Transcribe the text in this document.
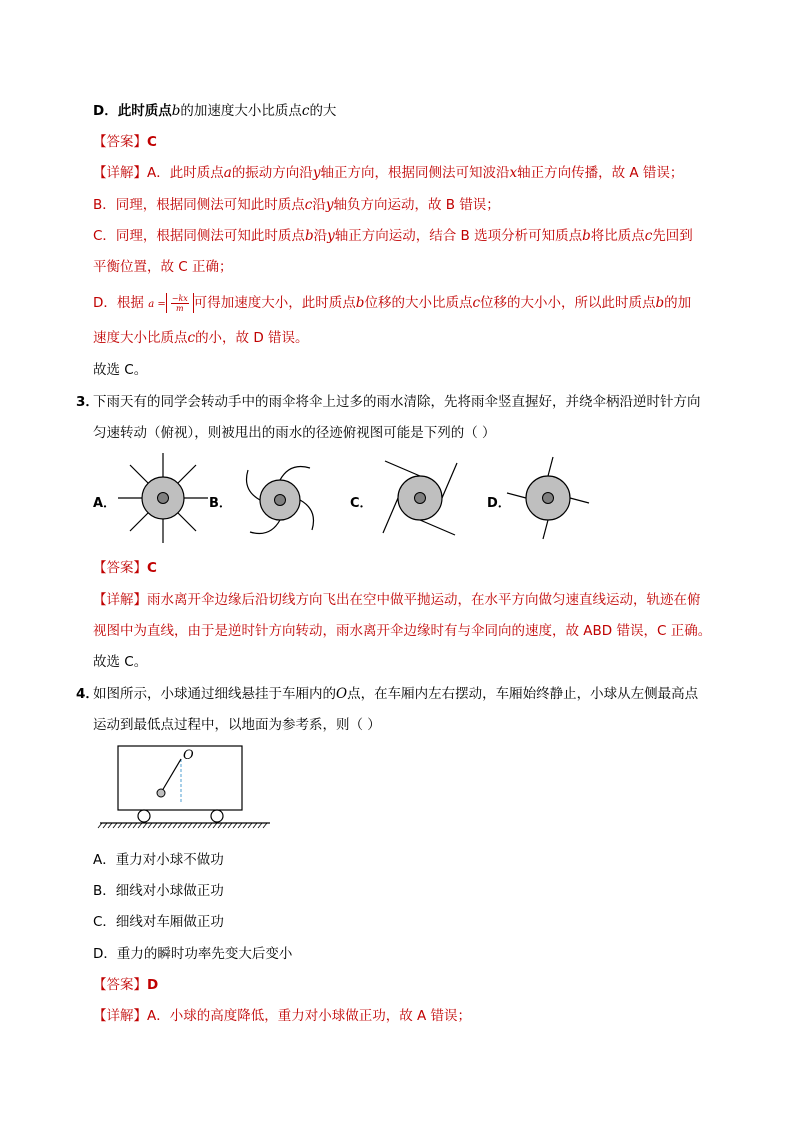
D．此时质点b的加速度大小比质点c的大
【答案】C
【详解】A．此时质点a的振动方向沿y轴正方向，根据同侧法可知波沿x轴正方向传播，故 A 错误；
B．同理，根据同侧法可知此时质点c沿y轴负方向运动，故 B 错误；
C．同理，根据同侧法可知此时质点b沿y轴正方向运动，结合 B 选项分析可知质点b将比质点c先回到
平衡位置，故 C 正确；
D．根据 $a = \frac{-kx}{m}$ 可得加速度大小，此时质点b位移的大小比质点c位移的大小小，所以此时质点b的加
速度大小比质点c的小，故 D 错误。
故选 C。
3．
下雨天有的同学会转动手中的雨伞将伞上过多的雨水清除，先将雨伞竖直握好，并绕伞柄沿逆时针方向
匀速转动（俯视），则被甩出的雨水的径迹俯视图可能是下列的（ ）
A．	B．	C．	D．
【答案】C
【详解】雨水离开伞边缘后沿切线方向飞出在空中做平抛运动，在水平方向做匀速直线运动，轨迹在俯
视图中为直线，由于是逆时针方向转动，雨水离开伞边缘时有与伞同向的速度，故 ABD 错误，C 正确。
故选 C。
4．
如图所示，小球通过细线悬挂于车厢内的O点，在车厢内左右摆动，车厢始终静止，小球从左侧最高点
运动到最低点过程中，以地面为参考系，则（ ）
O
A．重力对小球不做功
B．细线对小球做正功
C．细线对车厢做正功
D．重力的瞬时功率先变大后变小
【答案】D
【详解】A．小球的高度降低，重力对小球做正功，故 A 错误；
